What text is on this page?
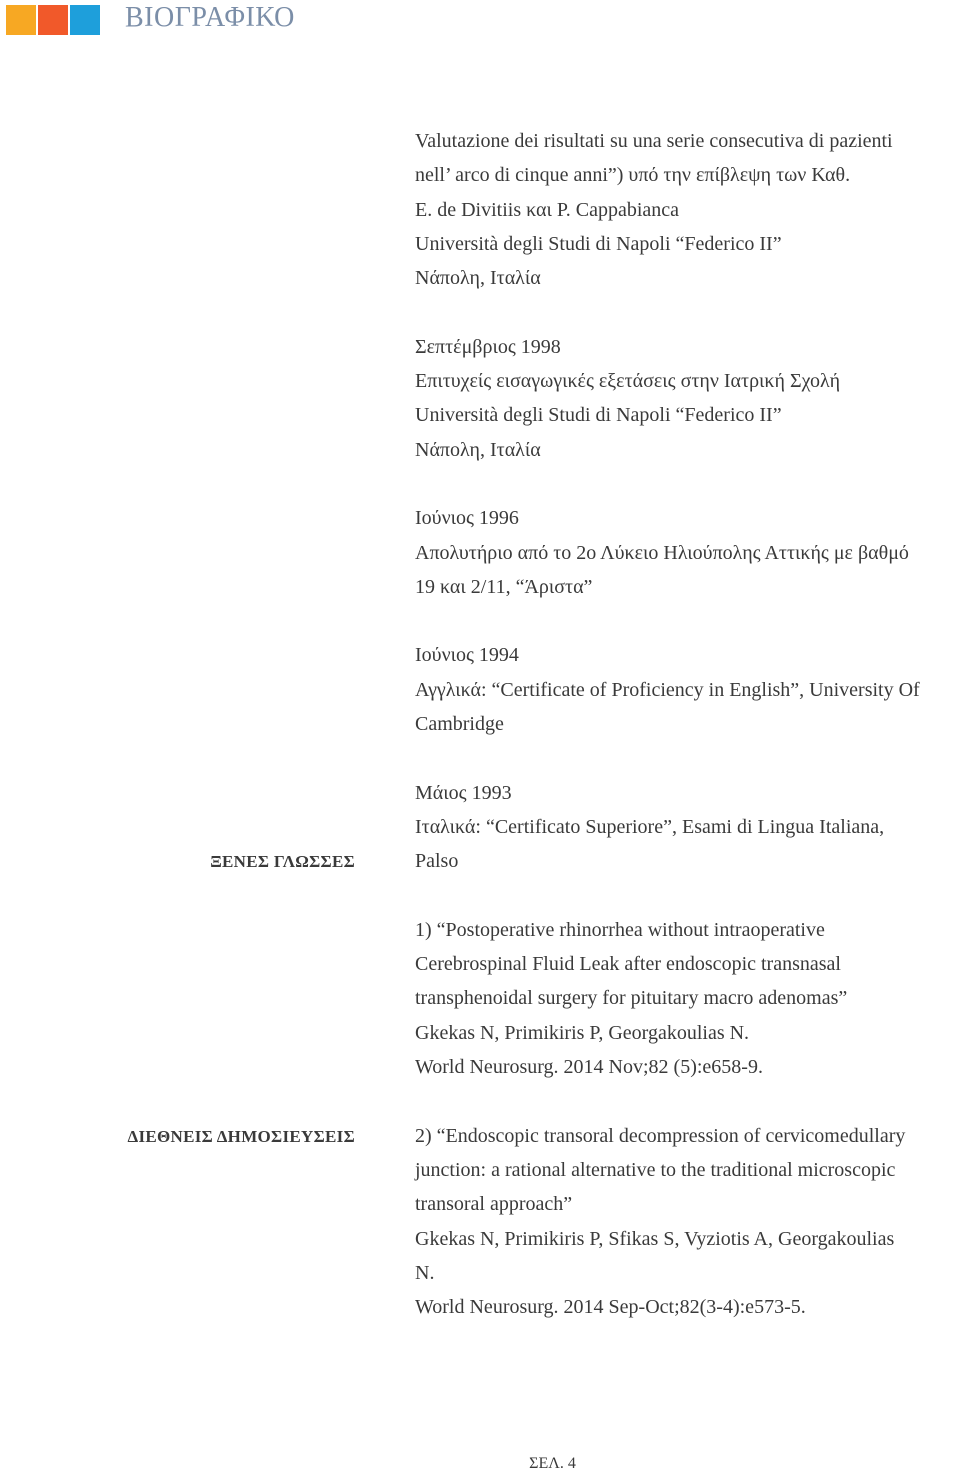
ΒΙΟΓΡΑΦΙΚΟ
Valutazione dei risultati su una serie consecutiva di pazienti
nell’ arco di cinque anni”) υπό την επίβλεψη των Καθ.
E. de Divitiis και P. Cappabianca
Università degli Studi di Napoli “Federico II”
Νάπολη, Ιταλία
Σεπτέμβριος 1998
Επιτυχείς εισαγωγικές εξετάσεις στην Ιατρική Σχολή
Università degli Studi di Napoli “Federico II”
Νάπολη, Ιταλία
Ιούνιος 1996
Απολυτήριο από το 2ο Λύκειο Ηλιούπολης Αττικής με βαθμό
19 και 2/11, “Άριστα”
Ιούνιος 1994
Αγγλικά: “Certificate of Proficiency in English”, University Of
Cambridge
Μάιος 1993
Ιταλικά: “Certificato Superiore”, Esami di Lingua Italiana,
Palso
1) “Postoperative rhinorrhea without intraoperative
Cerebrospinal Fluid Leak after endoscopic transnasal
transphenoidal surgery for pituitary macro adenomas”
Gkekas N, Primikiris P, Georgakoulias N.
World Neurosurg. 2014 Nov;82 (5):e658-9.
2) “Endoscopic transoral decompression of cervicomedullary
junction: a rational alternative to the traditional microscopic
transoral approach”
Gkekas N, Primikiris P, Sfikas S, Vyziotis A, Georgakoulias
N.
World Neurosurg. 2014 Sep-Oct;82(3-4):e573-5.
ΞΕΝΕΣ ΓΛΩΣΣΕΣ
ΔΙΕΘΝΕΙΣ ΔΗΜΟΣΙΕΥΣΕΙΣ
ΣΕΛ. 4
